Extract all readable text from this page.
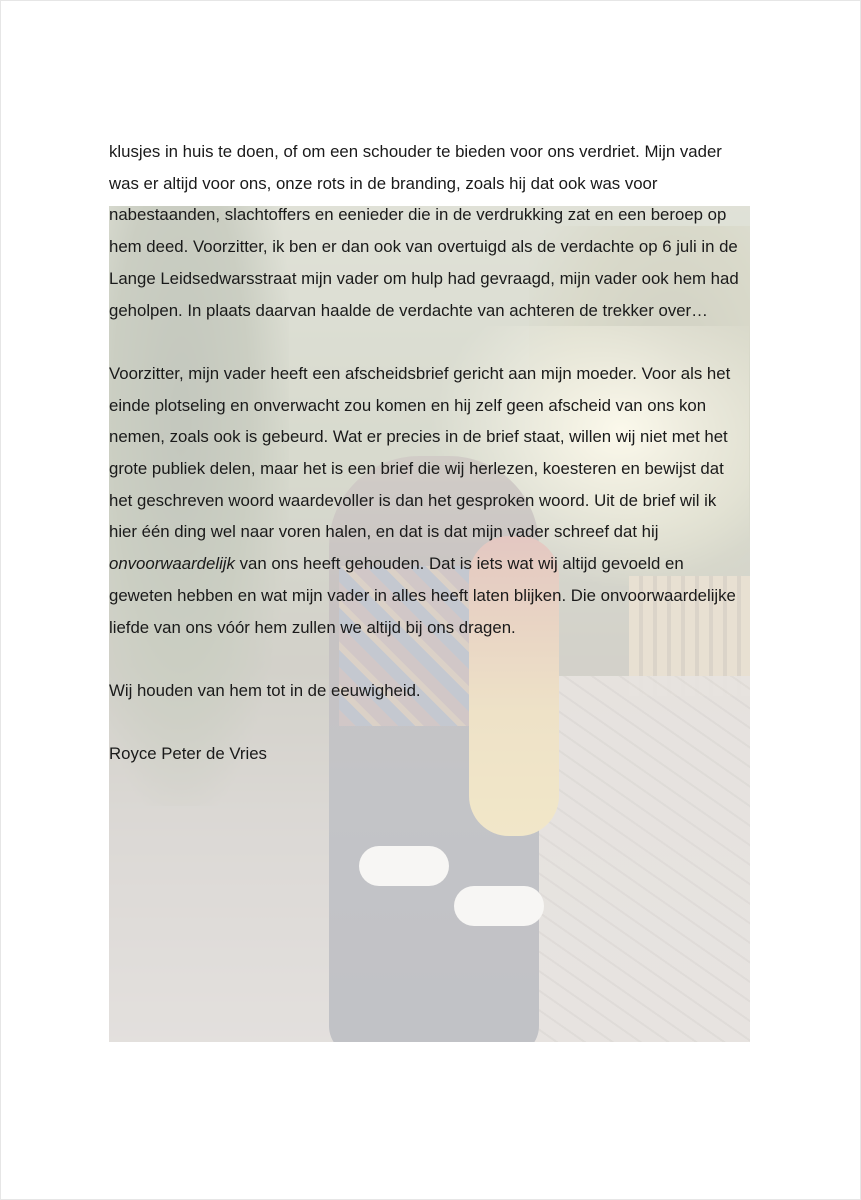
klusjes in huis te doen, of om een schouder te bieden voor ons verdriet. Mijn vader

was er altijd voor ons, onze rots in de branding, zoals hij dat ook was voor

nabestaanden, slachtoffers en eenieder die in de verdrukking zat en een beroep op

hem deed. Voorzitter, ik ben er dan ook van overtuigd als de verdachte op 6 juli in de

Lange Leidsedwarsstraat mijn vader om hulp had gevraagd, mijn vader ook hem had

geholpen. In plaats daarvan haalde de verdachte van achteren de trekker over…

Voorzitter, mijn vader heeft een afscheidsbrief gericht aan mijn moeder. Voor als het

einde plotseling en onverwacht zou komen en hij zelf geen afscheid van ons kon

nemen, zoals ook is gebeurd. Wat er precies in de brief staat, willen wij niet met het

grote publiek delen, maar het is een brief die wij herlezen, koesteren en bewijst dat

het geschreven woord waardevoller is dan het gesproken woord. Uit de brief wil ik

hier één ding wel naar voren halen, en dat is dat mijn vader schreef dat hij

onvoorwaardelijk van ons heeft gehouden. Dat is iets wat wij altijd gevoeld en

geweten hebben en wat mijn vader in alles heeft laten blijken. Die onvoorwaardelijke

liefde van ons vóór hem zullen we altijd bij ons dragen.

Wij houden van hem tot in de eeuwigheid.

Royce Peter de Vries
